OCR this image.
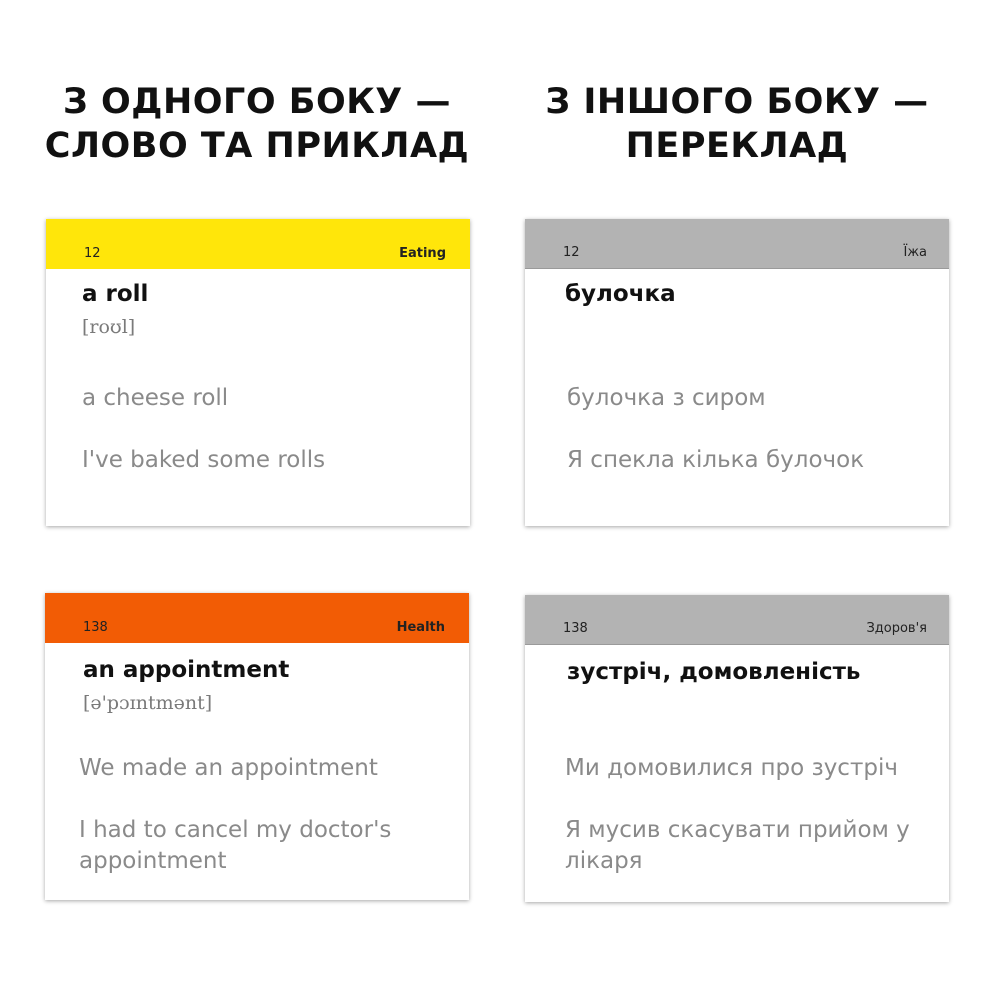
З ОДНОГО БОКУ —
СЛОВО ТА ПРИКЛАД
З ІНШОГО БОКУ —
ПЕРЕКЛАД
12	Eating
a roll
[roʊl]
a cheese roll
I've baked some rolls
12	Їжа
булочка
булочка з сиром
Я спекла кілька булочок
138	Health
an appointment
[ə'pɔɪntmənt]
We made an appointment
I had to cancel my doctor's appointment
138	Здоров'я
зустріч, домовленість
Ми домовилися про зустріч
Я мусив скасувати прийом у лікаря
